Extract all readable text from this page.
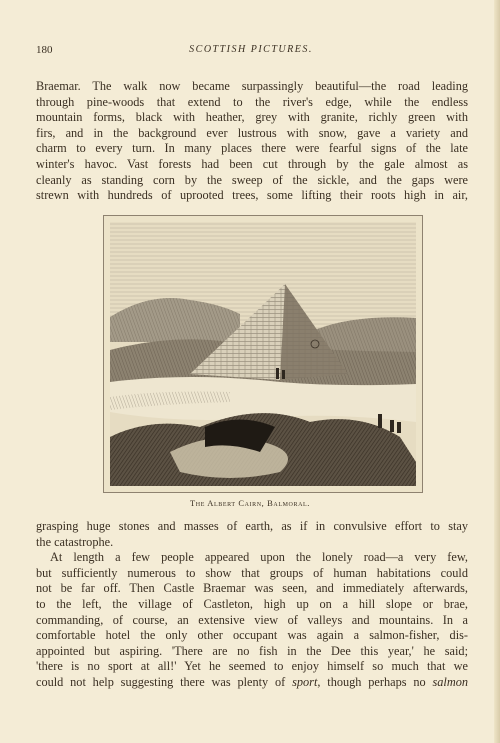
180	SCOTTISH PICTURES.
Braemar. The walk now became surpassingly beautiful—the road leading
through pine-woods that extend to the river's edge, while the endless
mountain forms, black with heather, grey with granite, richly green with
firs, and in the background ever lustrous with snow, gave a variety and
charm to every turn. In many places there were fearful signs of the late
winter's havoc. Vast forests had been cut through by the gale almost as
cleanly as standing corn by the sweep of the sickle, and the gaps were
strewn with hundreds of uprooted trees, some lifting their roots high in air,
The Albert Cairn, Balmoral.
grasping huge stones and masses of earth, as if in convulsive effort to stay
the catastrophe.
At length a few people appeared upon the lonely road—a very few,
but sufficiently numerous to show that groups of human habitations could
not be far off. Then Castle Braemar was seen, and immediately afterwards,
to the left, the village of Castleton, high up on a hill slope or brae,
commanding, of course, an extensive view of valleys and mountains. In a
comfortable hotel the only other occupant was again a salmon-fisher, dis-
appointed but aspiring. 'There are no fish in the Dee this year,' he said;
'there is no sport at all!' Yet he seemed to enjoy himself so much that we
could not help suggesting there was plenty of sport, though perhaps no salmon
